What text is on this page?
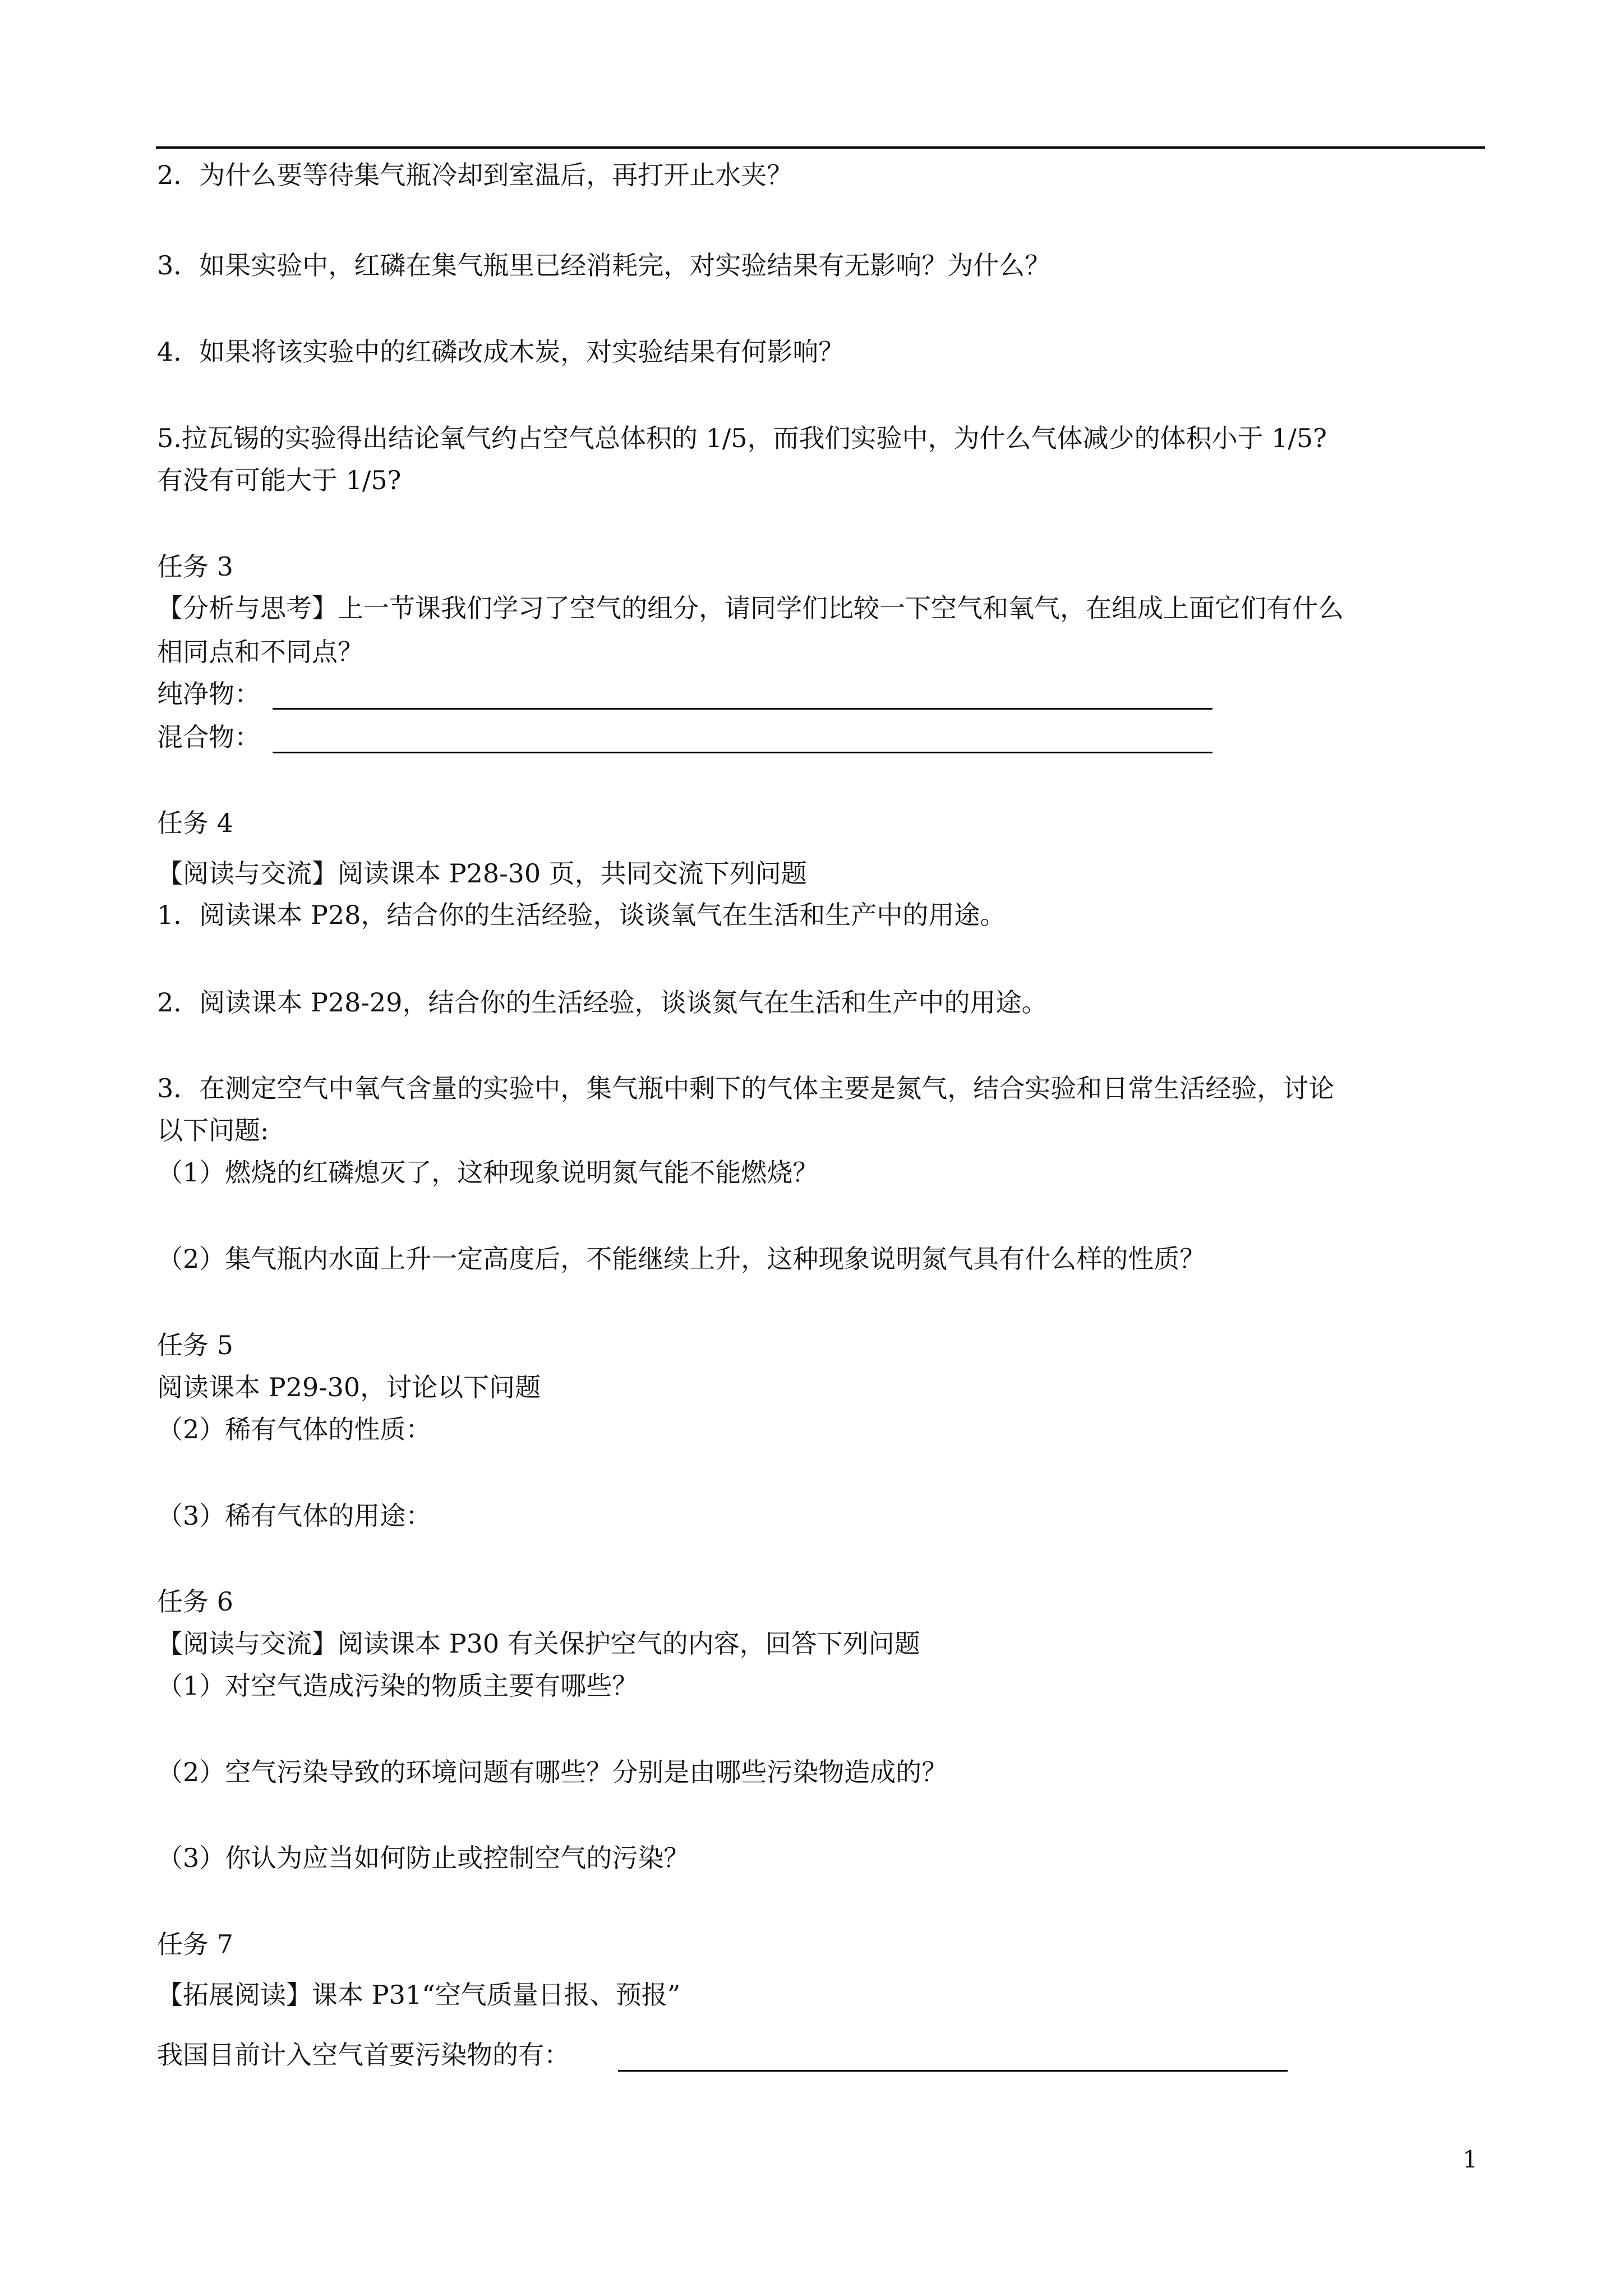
2．为什么要等待集气瓶冷却到室温后，再打开止水夹？
3．如果实验中，红磷在集气瓶里已经消耗完，对实验结果有无影响？为什么？
4．如果将该实验中的红磷改成木炭，对实验结果有何影响？
5.拉瓦锡的实验得出结论氧气约占空气总体积的 1/5，而我们实验中，为什么气体减少的体积小于 1/5?
有没有可能大于 1/5?
任务 3
【分析与思考】上一节课我们学习了空气的组分，请同学们比较一下空气和氧气，在组成上面它们有什么
相同点和不同点？
纯净物：
混合物：
任务 4
【阅读与交流】阅读课本 P28-30 页，共同交流下列问题
1．阅读课本 P28，结合你的生活经验，谈谈氧气在生活和生产中的用途。
2．阅读课本 P28-29，结合你的生活经验，谈谈氮气在生活和生产中的用途。
3．在测定空气中氧气含量的实验中，集气瓶中剩下的气体主要是氮气，结合实验和日常生活经验，讨论
以下问题:
（1）燃烧的红磷熄灭了，这种现象说明氮气能不能燃烧？
（2）集气瓶内水面上升一定高度后，不能继续上升，这种现象说明氮气具有什么样的性质？
任务 5
阅读课本 P29-30，讨论以下问题
（2）稀有气体的性质：
（3）稀有气体的用途：
任务 6
【阅读与交流】阅读课本 P30 有关保护空气的内容，回答下列问题
（1）对空气造成污染的物质主要有哪些？
（2）空气污染导致的环境问题有哪些？分别是由哪些污染物造成的？
（3）你认为应当如何防止或控制空气的污染？
任务 7
【拓展阅读】课本 P31“空气质量日报、预报”
我国目前计入空气首要污染物的有：
1
